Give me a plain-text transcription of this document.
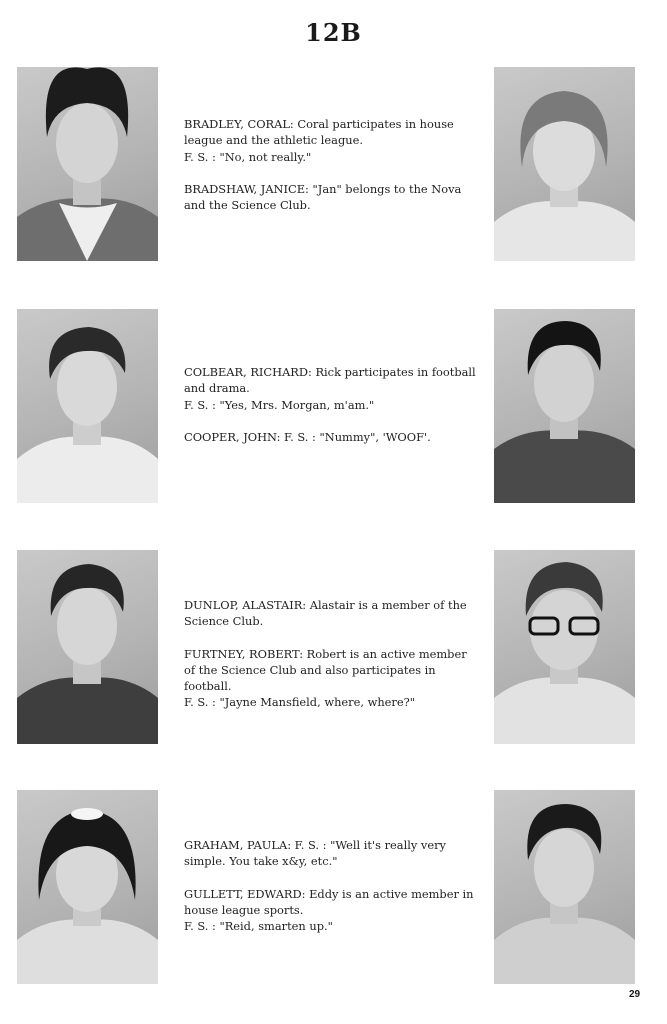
12B

BRADLEY, CORAL: Coral participates in house league and the athletic league.

F. S. : "No, not really."

BRADSHAW, JANICE: "Jan" belongs to the Nova and the Science Club.

COLBEAR, RICHARD: Rick participates in football and drama.

F. S. : "Yes, Mrs. Morgan, m'am."

COOPER, JOHN: F. S. : "Nummy", 'WOOF'.

DUNLOP, ALASTAIR: Alastair is a member of the Science Club.

FURTNEY, ROBERT: Robert is an active member of the Science Club and also participates in football.

F. S. : "Jayne Mansfield, where, where?"

GRAHAM, PAULA: F. S. : "Well it's really very simple. You take x&y, etc."

GULLETT, EDWARD: Eddy is an active member in house league sports.

F. S. : "Reid, smarten up."

29
